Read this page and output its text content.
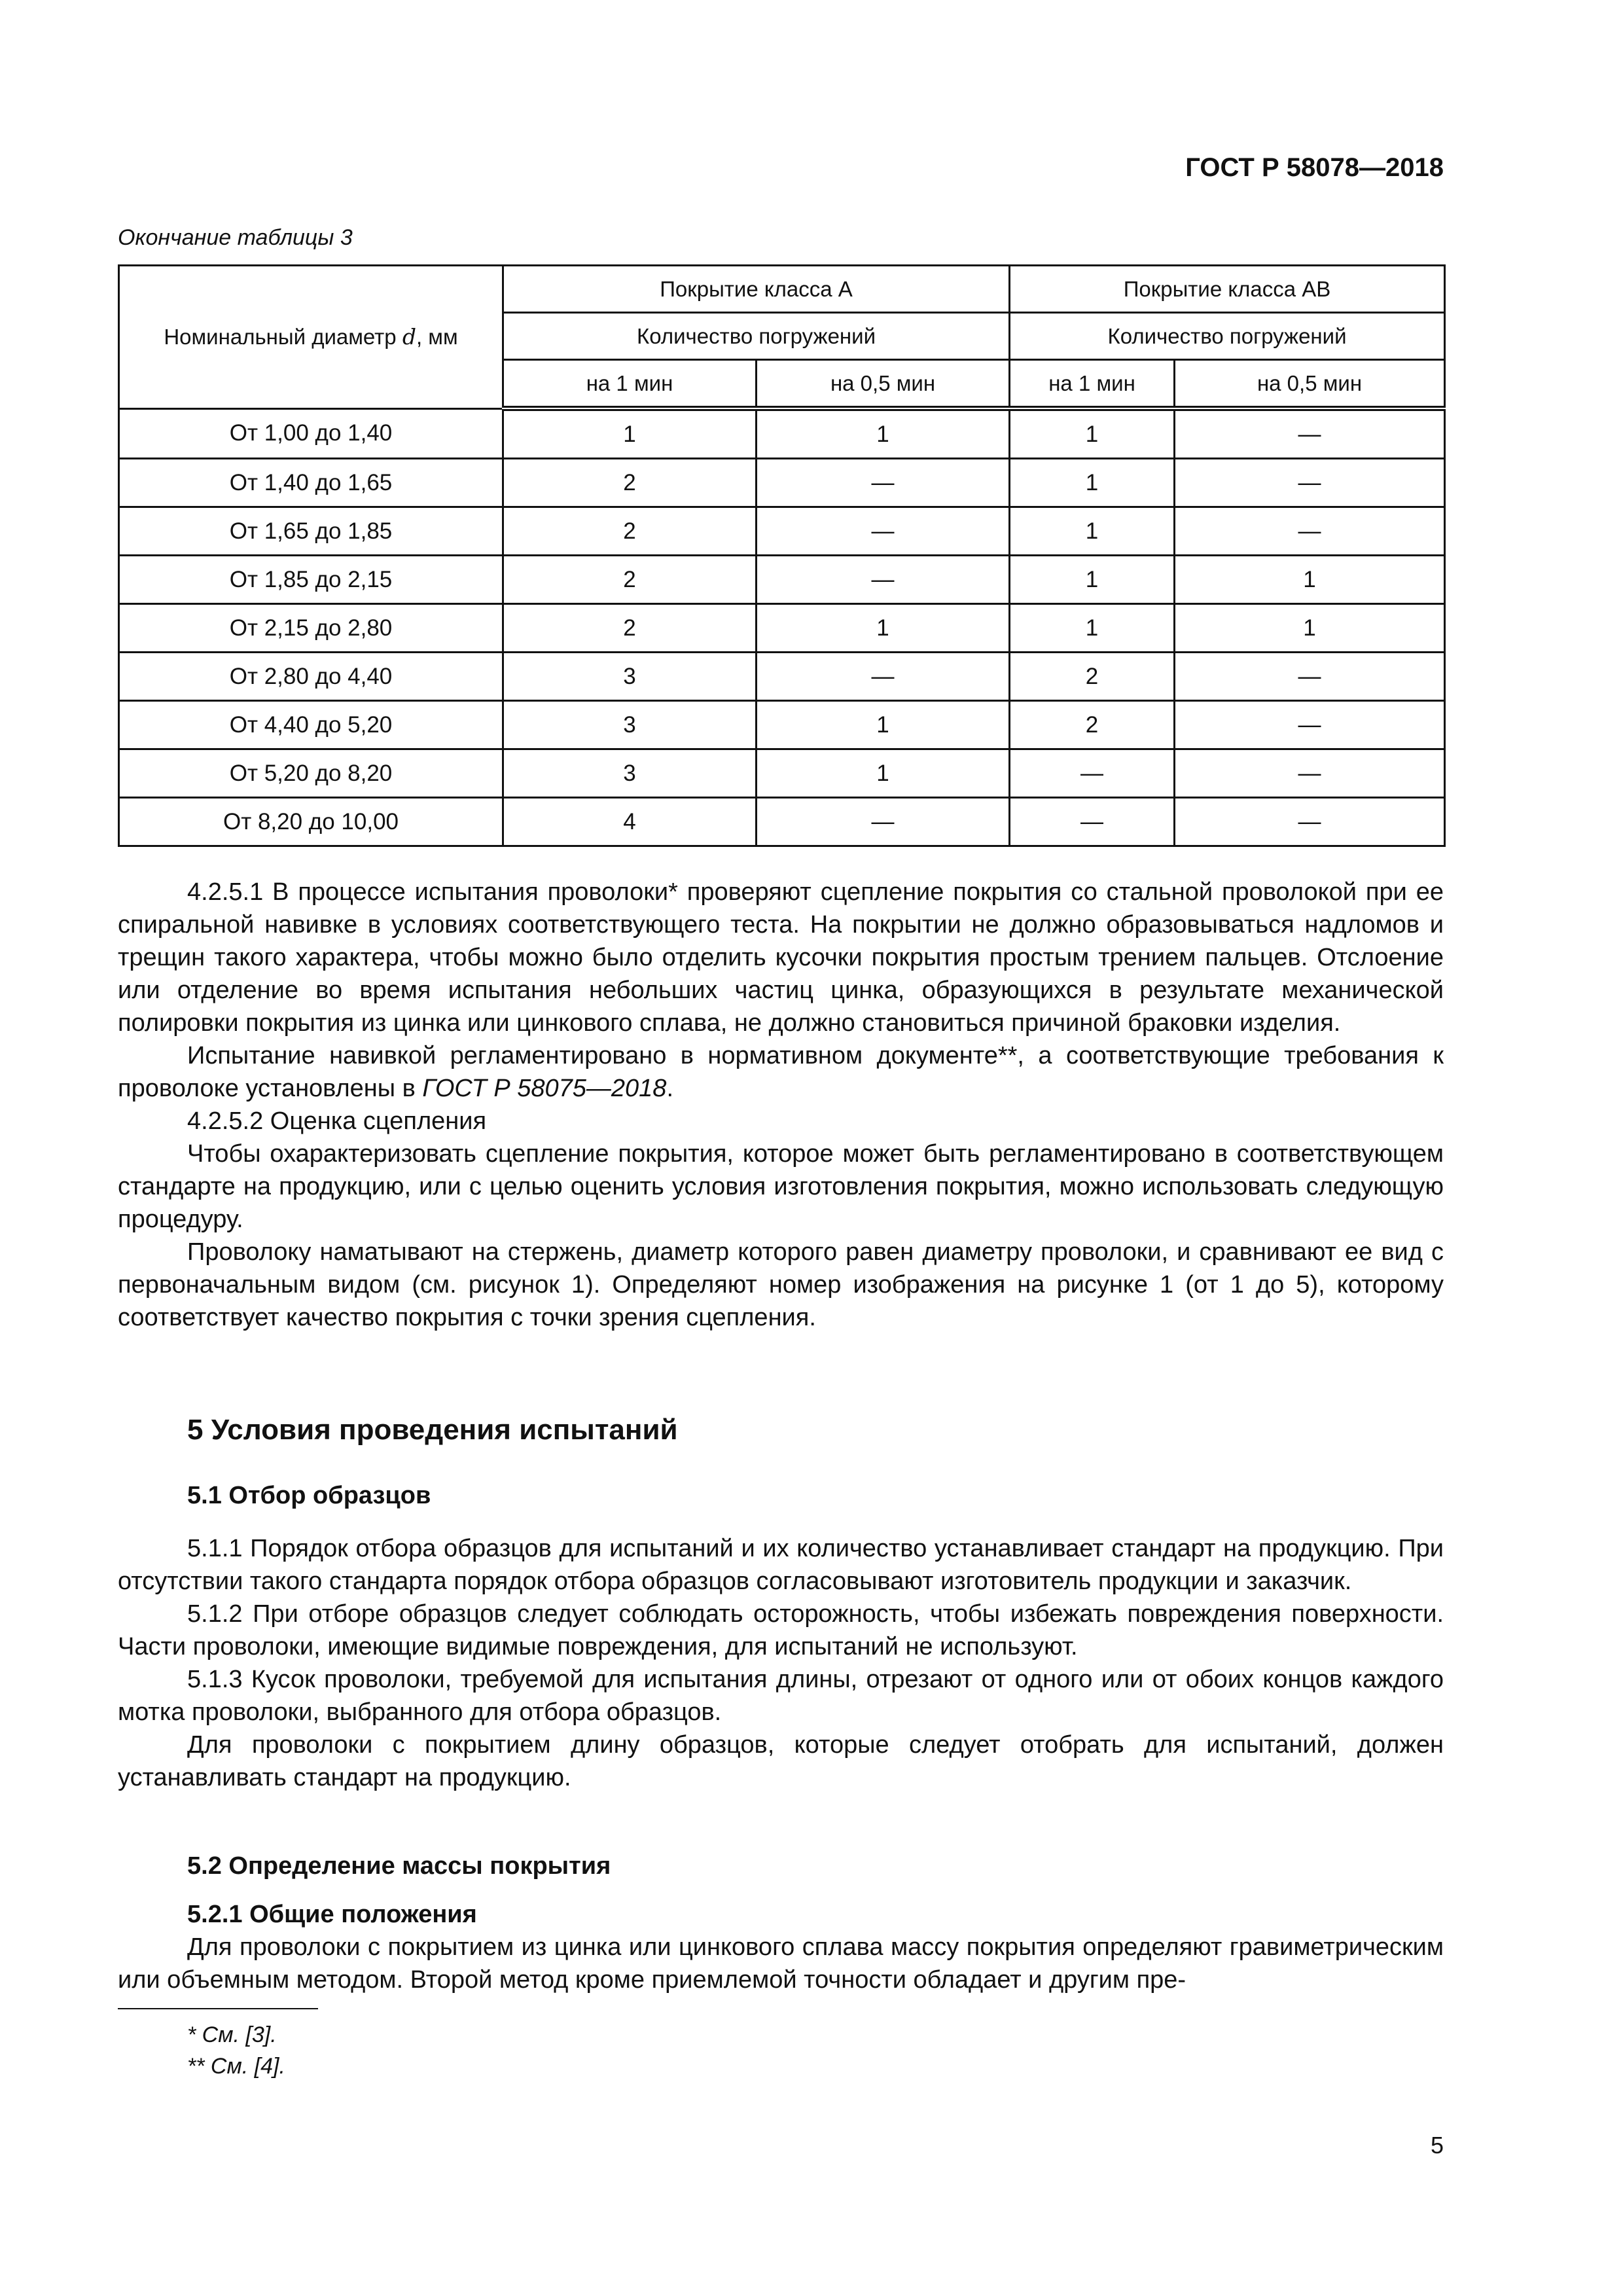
ГОСТ Р 58078—2018
Окончание таблицы 3
Номинальный диаметр d, мм	Покрытие класса А		Покрытие класса АВ	
	Количество погружений		Количество погружений	
	на 1 мин	на 0,5 мин	на 1 мин	на 0,5 мин
От 1,00 до 1,40	1	1	1	—
От 1,40 до 1,65	2	—	1	—
От 1,65 до 1,85	2	—	1	—
От 1,85 до 2,15	2	—	1	1
От 2,15 до 2,80	2	1	1	1
От 2,80 до 4,40	3	—	2	—
От 4,40 до 5,20	3	1	2	—
От 5,20 до 8,20	3	1	—	—
От 8,20 до 10,00	4	—	—	—

4.2.5.1 В процессе испытания проволоки* проверяют сцепление покрытия со стальной проволокой при ее спиральной навивке в условиях соответствующего теста. На покрытии не должно образовываться надломов и трещин такого характера, чтобы можно было отделить кусочки покрытия простым трением пальцев. Отслоение или отделение во время испытания небольших частиц цинка, образующихся в результате механической полировки покрытия из цинка или цинкового сплава, не должно становиться причиной браковки изделия.

Испытание навивкой регламентировано в нормативном документе**, а соответствующие требования к проволоке установлены в ГОСТ Р 58075—2018.

4.2.5.2 Оценка сцепления

Чтобы охарактеризовать сцепление покрытия, которое может быть регламентировано в соответствующем стандарте на продукцию, или с целью оценить условия изготовления покрытия, можно использовать следующую процедуру.

Проволоку наматывают на стержень, диаметр которого равен диаметру проволоки, и сравнивают ее вид с первоначальным видом (см. рисунок 1). Определяют номер изображения на рисунке 1 (от 1 до 5), которому соответствует качество покрытия с точки зрения сцепления.

5 Условия проведения испытаний
5.1 Отбор образцов

5.1.1 Порядок отбора образцов для испытаний и их количество устанавливает стандарт на продукцию. При отсутствии такого стандарта порядок отбора образцов согласовывают изготовитель продукции и заказчик.

5.1.2 При отборе образцов следует соблюдать осторожность, чтобы избежать повреждения поверхности. Части проволоки, имеющие видимые повреждения, для испытаний не используют.

5.1.3 Кусок проволоки, требуемой для испытания длины, отрезают от одного или от обоих концов каждого мотка проволоки, выбранного для отбора образцов.

Для проволоки с покрытием длину образцов, которые следует отобрать для испытаний, должен устанавливать стандарт на продукцию.

5.2 Определение массы покрытия
5.2.1 Общие положения

Для проволоки с покрытием из цинка или цинкового сплава массу покрытия определяют гравиметрическим или объемным методом. Второй метод кроме приемлемой точности обладает и другим пре-

* См. [3].
** См. [4].
5
